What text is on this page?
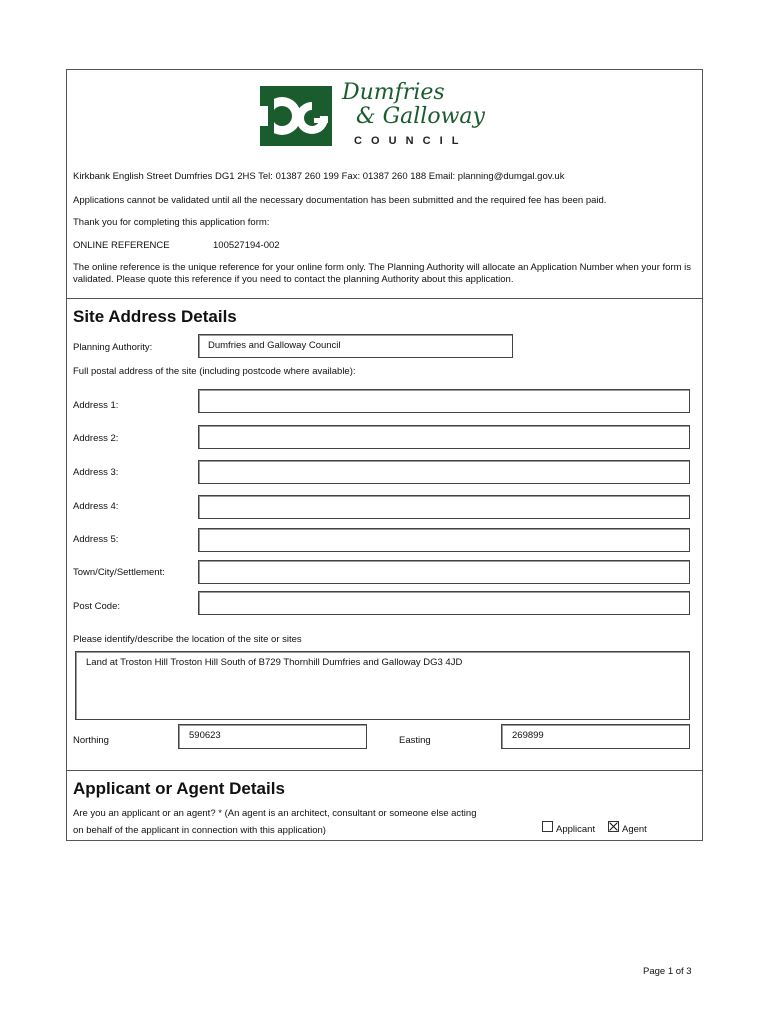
Dumfries
& Galloway
C O U N C I L
Kirkbank English Street Dumfries DG1 2HS Tel: 01387 260 199 Fax: 01387 260 188 Email: planning@dumgal.gov.uk
Applications cannot be validated until all the necessary documentation has been submitted and the required fee has been paid.
Thank you for completing this application form:
ONLINE REFERENCE	100527194-002
The online reference is the unique reference for your online form only. The Planning Authority will allocate an Application Number when your form is validated. Please quote this reference if you need to contact the planning Authority about this application.
Site Address Details
Planning Authority:	Dumfries and Galloway Council
Full postal address of the site (including postcode where available):
Address 1:
Address 2:
Address 3:
Address 4:
Address 5:
Town/City/Settlement:
Post Code:
Please identify/describe the location of the site or sites
Land at Troston Hill Troston Hill South of B729 Thornhill Dumfries and Galloway DG3 4JD
Northing	590623	Easting	269899
Applicant or Agent Details
Are you an applicant or an agent? * (An agent is an architect, consultant or someone else acting
on behalf of the applicant in connection with this application)	Applicant	Agent
Page 1 of 3
